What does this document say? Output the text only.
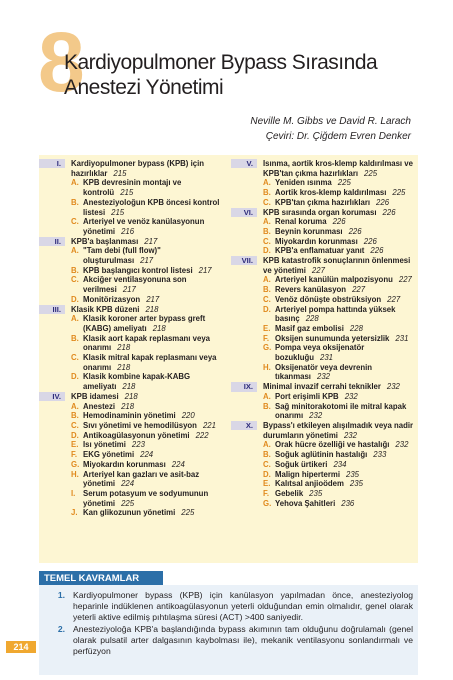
8
Kardiyopulmoner Bypass Sırasında
Anestezi Yönetimi
Neville M. Gibbs ve David R. Larach
Çeviri: Dr. Çiğdem Evren Denker
I.	Kardiyopulmoner bypass (KPB) için hazırlıklar 215
A. KPB devresinin montajı ve kontrolü 215
B. Anesteziyoloğun KPB öncesi kontrol listesi 215
C. Arteriyel ve venöz kanülasyonun yönetimi 216
II.	KPB'a başlanması 217
A. "Tam debi (full flow)" oluşturulması 217
B. KPB başlangıcı kontrol listesi 217
C. Akciğer ventilasyonuna son verilmesi 217
D. Monitörizasyon 217
III.	Klasik KPB düzeni 218
A. Klasik koroner arter bypass greft (KABG) ameliyatı 218
B. Klasik aort kapak replasmanı veya onarımı 218
C. Klasik mitral kapak replasmanı veya onarımı 218
D. Klasik kombine kapak-KABG ameliyatı 218
IV.	KPB idamesi 218
A. Anestezi 218
B. Hemodinaminin yönetimi 220
C. Sıvı yönetimi ve hemodilüsyon 221
D. Antikoagülasyonun yönetimi 222
E. Isı yönetimi 223
F. EKG yönetimi 224
G. Miyokardın korunması 224
H. Arteriyel kan gazları ve asit-baz yönetimi 224
I. Serum potasyum ve sodyumunun yönetimi 225
J. Kan glikozunun yönetimi 225
V.	Isınma, aortik kros-klemp kaldırılması ve KPB'tan çıkma hazırlıkları 225
A. Yeniden ısınma 225
B. Aortik kros-klemp kaldırılması 225
C. KPB'tan çıkma hazırlıkları 226
VI.	KPB sırasında organ koruması 226
A. Renal koruma 226
B. Beynin korunması 226
C. Miyokardın korunması 226
D. KPB'a enflamatuar yanıt 226
VII.	KPB katastrofik sonuçlarının önlenmesi ve yönetimi 227
A. Arteriyel kanülün malpozisyonu 227
B. Revers kanülasyon 227
C. Venöz dönüşte obstrüksiyon 227
D. Arteriyel pompa hattında yüksek basınç 228
E. Masif gaz embolisi 228
F. Oksijen sunumunda yetersizlik 231
G. Pompa veya oksijenatör bozukluğu 231
H. Oksijenatör veya devrenin tıkanması 232
IX.	Minimal invazif cerrahi teknikler 232
A. Port erişimli KPB 232
B. Sağ minitorakotomi ile mitral kapak onarımı 232
X.	Bypass'ı etkileyen alışılmadık veya nadir durumların yönetimi 232
A. Orak hücre özelliği ve hastalığı 232
B. Soğuk aglütinin hastalığı 233
C. Soğuk ürtikeri 234
D. Malign hipertermi 235
E. Kalıtsal anjioödem 235
F. Gebelik 235
G. Yehova Şahitleri 236
TEMEL KAVRAMLAR
1. Kardiyopulmoner bypass (KPB) için kanülasyon yapılmadan önce, anesteziyolog heparinle indüklenen antikoagülasyonun yeterli olduğundan emin olmalıdır, genel olarak yeterli aktive edilmiş pıhtılaşma süresi (ACT) >400 saniyedir.
2. Anesteziyoloğa KPB'a başlandığında bypass akımının tam olduğunu doğrulamalı (genel olarak pulsatil arter dalgasının kaybolması ile), mekanik ventilasyonu sonlandırmalı ve perfüzyon
214
